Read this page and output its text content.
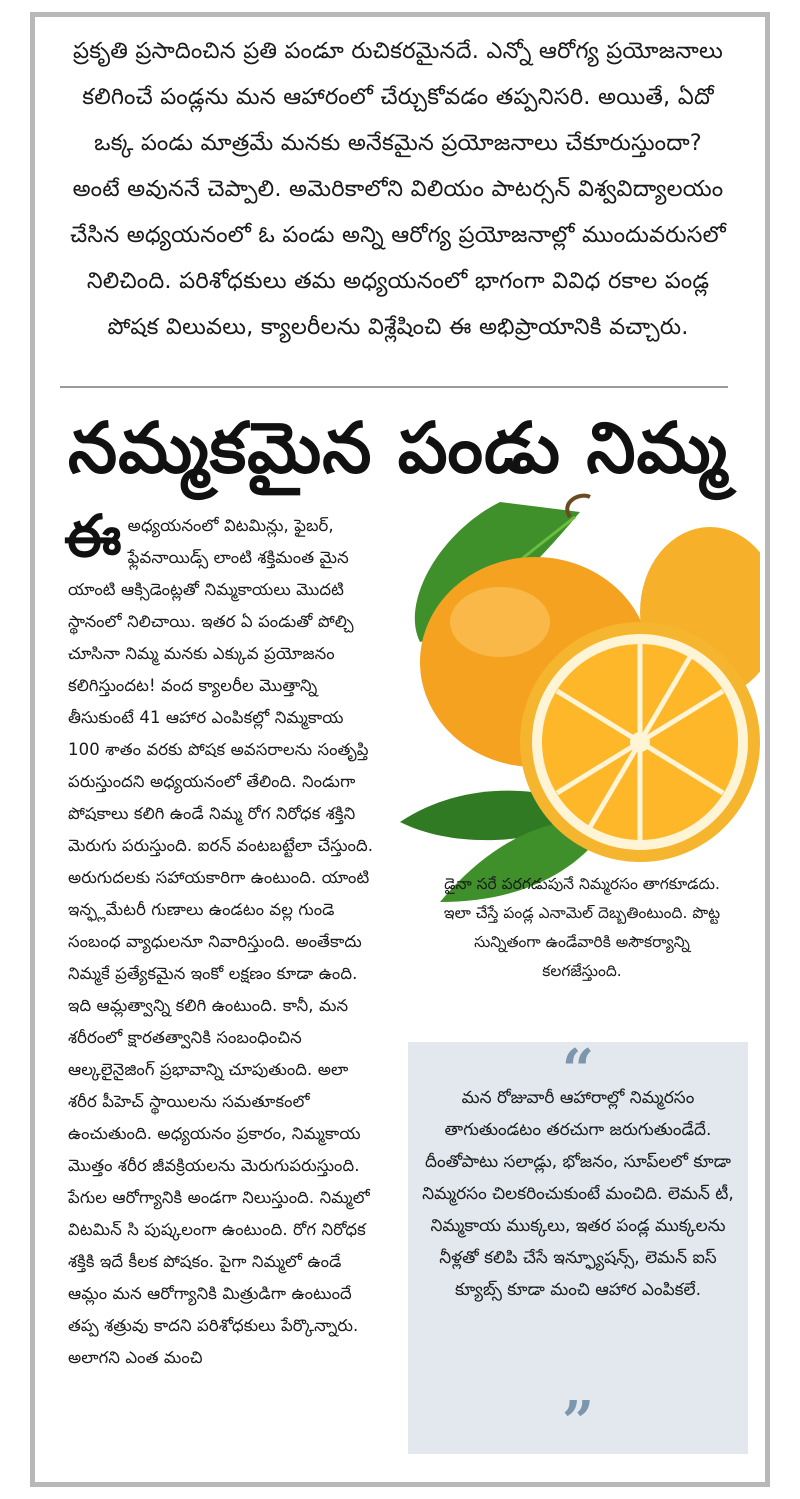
ప్రకృతి ప్రసాదించిన ప్రతి పండూ రుచికరమైనదే. ఎన్నో ఆరోగ్య ప్రయోజనాలు కలిగించే పండ్లను మన ఆహారంలో చేర్చుకోవడం తప్పనిసరి. అయితే, ఏదో ఒక్క పండు మాత్రమే మనకు అనేకమైన ప్రయోజనాలు చేకూరుస్తుందా? అంటే అవుననే చెప్పాలి. అమెరికాలోని విలియం పాటర్సన్ విశ్వవిద్యాలయం చేసిన అధ్యయనంలో ఓ పండు అన్ని ఆరోగ్య ప్రయోజనాల్లో ముందువరుసలో నిలిచింది. పరిశోధకులు తమ అధ్యయనంలో భాగంగా వివిధ రకాల పండ్ల పోషక విలువలు, క్యాలరీలను విశ్లేషించి ఈ అభిప్రాయానికి వచ్చారు.

నమ్మకమైన పండు నిమ్మ
ఈ అధ్యయనంలో విటమిన్లు, ఫైబర్, ఫ్లేవనాయిడ్స్ లాంటి శక్తిమంత మైన యాంటి ఆక్సిడెంట్లతో నిమ్మకాయలు మొదటి స్థానంలో నిలిచాయి. ఇతర ఏ పండుతో పోల్చి చూసినా నిమ్మ మనకు ఎక్కువ ప్రయోజనం కలిగిస్తుందట! వంద క్యాలరీల మొత్తాన్ని తీసుకుంటే 41 ఆహార ఎంపికల్లో నిమ్మకాయ 100 శాతం వరకు పోషక అవసరాలను సంతృప్తి పరుస్తుందని అధ్యయనంలో తేలింది. నిండుగా పోషకాలు కలిగి ఉండే నిమ్మ రోగ నిరోధక శక్తిని మెరుగు పరుస్తుంది. ఐరన్ వంటబట్టేలా చేస్తుంది. అరుగుదలకు సహాయకారిగా ఉంటుంది. యాంటి ఇన్ఫ్లమేటరీ గుణాలు ఉండటం వల్ల గుండె సంబంధ వ్యాధులనూ నివారిస్తుంది. అంతేకాదు నిమ్మకే ప్రత్యేకమైన ఇంకో లక్షణం కూడా ఉంది. ఇది ఆమ్లత్వాన్ని కలిగి ఉంటుంది. కానీ, మన శరీరంలో క్షారతత్వానికి సంబంధించిన ఆల్కలైనైజింగ్ ప్రభావాన్ని చూపుతుంది. అలా శరీర పీహెచ్ స్థాయిలను సమతూకంలో ఉంచుతుంది. అధ్యయనం ప్రకారం, నిమ్మకాయ మొత్తం శరీర జీవక్రియలను మెరుగుపరుస్తుంది. పేగుల ఆరోగ్యానికి అండగా నిలుస్తుంది. నిమ్మలో విటమిన్ సి పుష్కలంగా ఉంటుంది. రోగ నిరోధక శక్తికి ఇదే కీలక పోషకం. పైగా నిమ్మలో ఉండే ఆమ్లం మన ఆరోగ్యానికి మిత్రుడిగా ఉంటుందే తప్ప శత్రువు కాదని పరిశోధకులు పేర్కొన్నారు. అలాగని ఎంత మంచి

డైనా సరే పరగడుపునే నిమ్మరసం తాగకూడదు. ఇలా చేస్తే పండ్ల ఎనామెల్ దెబ్బతింటుంది. పొట్ట సున్నితంగా ఉండేవారికి అసౌకర్యాన్ని కలగజేస్తుంది.

“

మన రోజువారీ ఆహారాల్లో నిమ్మరసం తాగుతుండటం తరచుగా జరుగుతుండేదే. దీంతోపాటు సలాడ్లు, భోజనం, సూప్‌లలో కూడా నిమ్మరసం చిలకరించుకుంటే మంచిది. లెమన్ టీ, నిమ్మకాయ ముక్కలు, ఇతర పండ్ల ముక్కలను నీళ్లతో కలిపి చేసే ఇన్ఫ్యూషన్స్, లెమన్ ఐస్ క్యూబ్స్ కూడా మంచి ఆహార ఎంపికలే.

”
